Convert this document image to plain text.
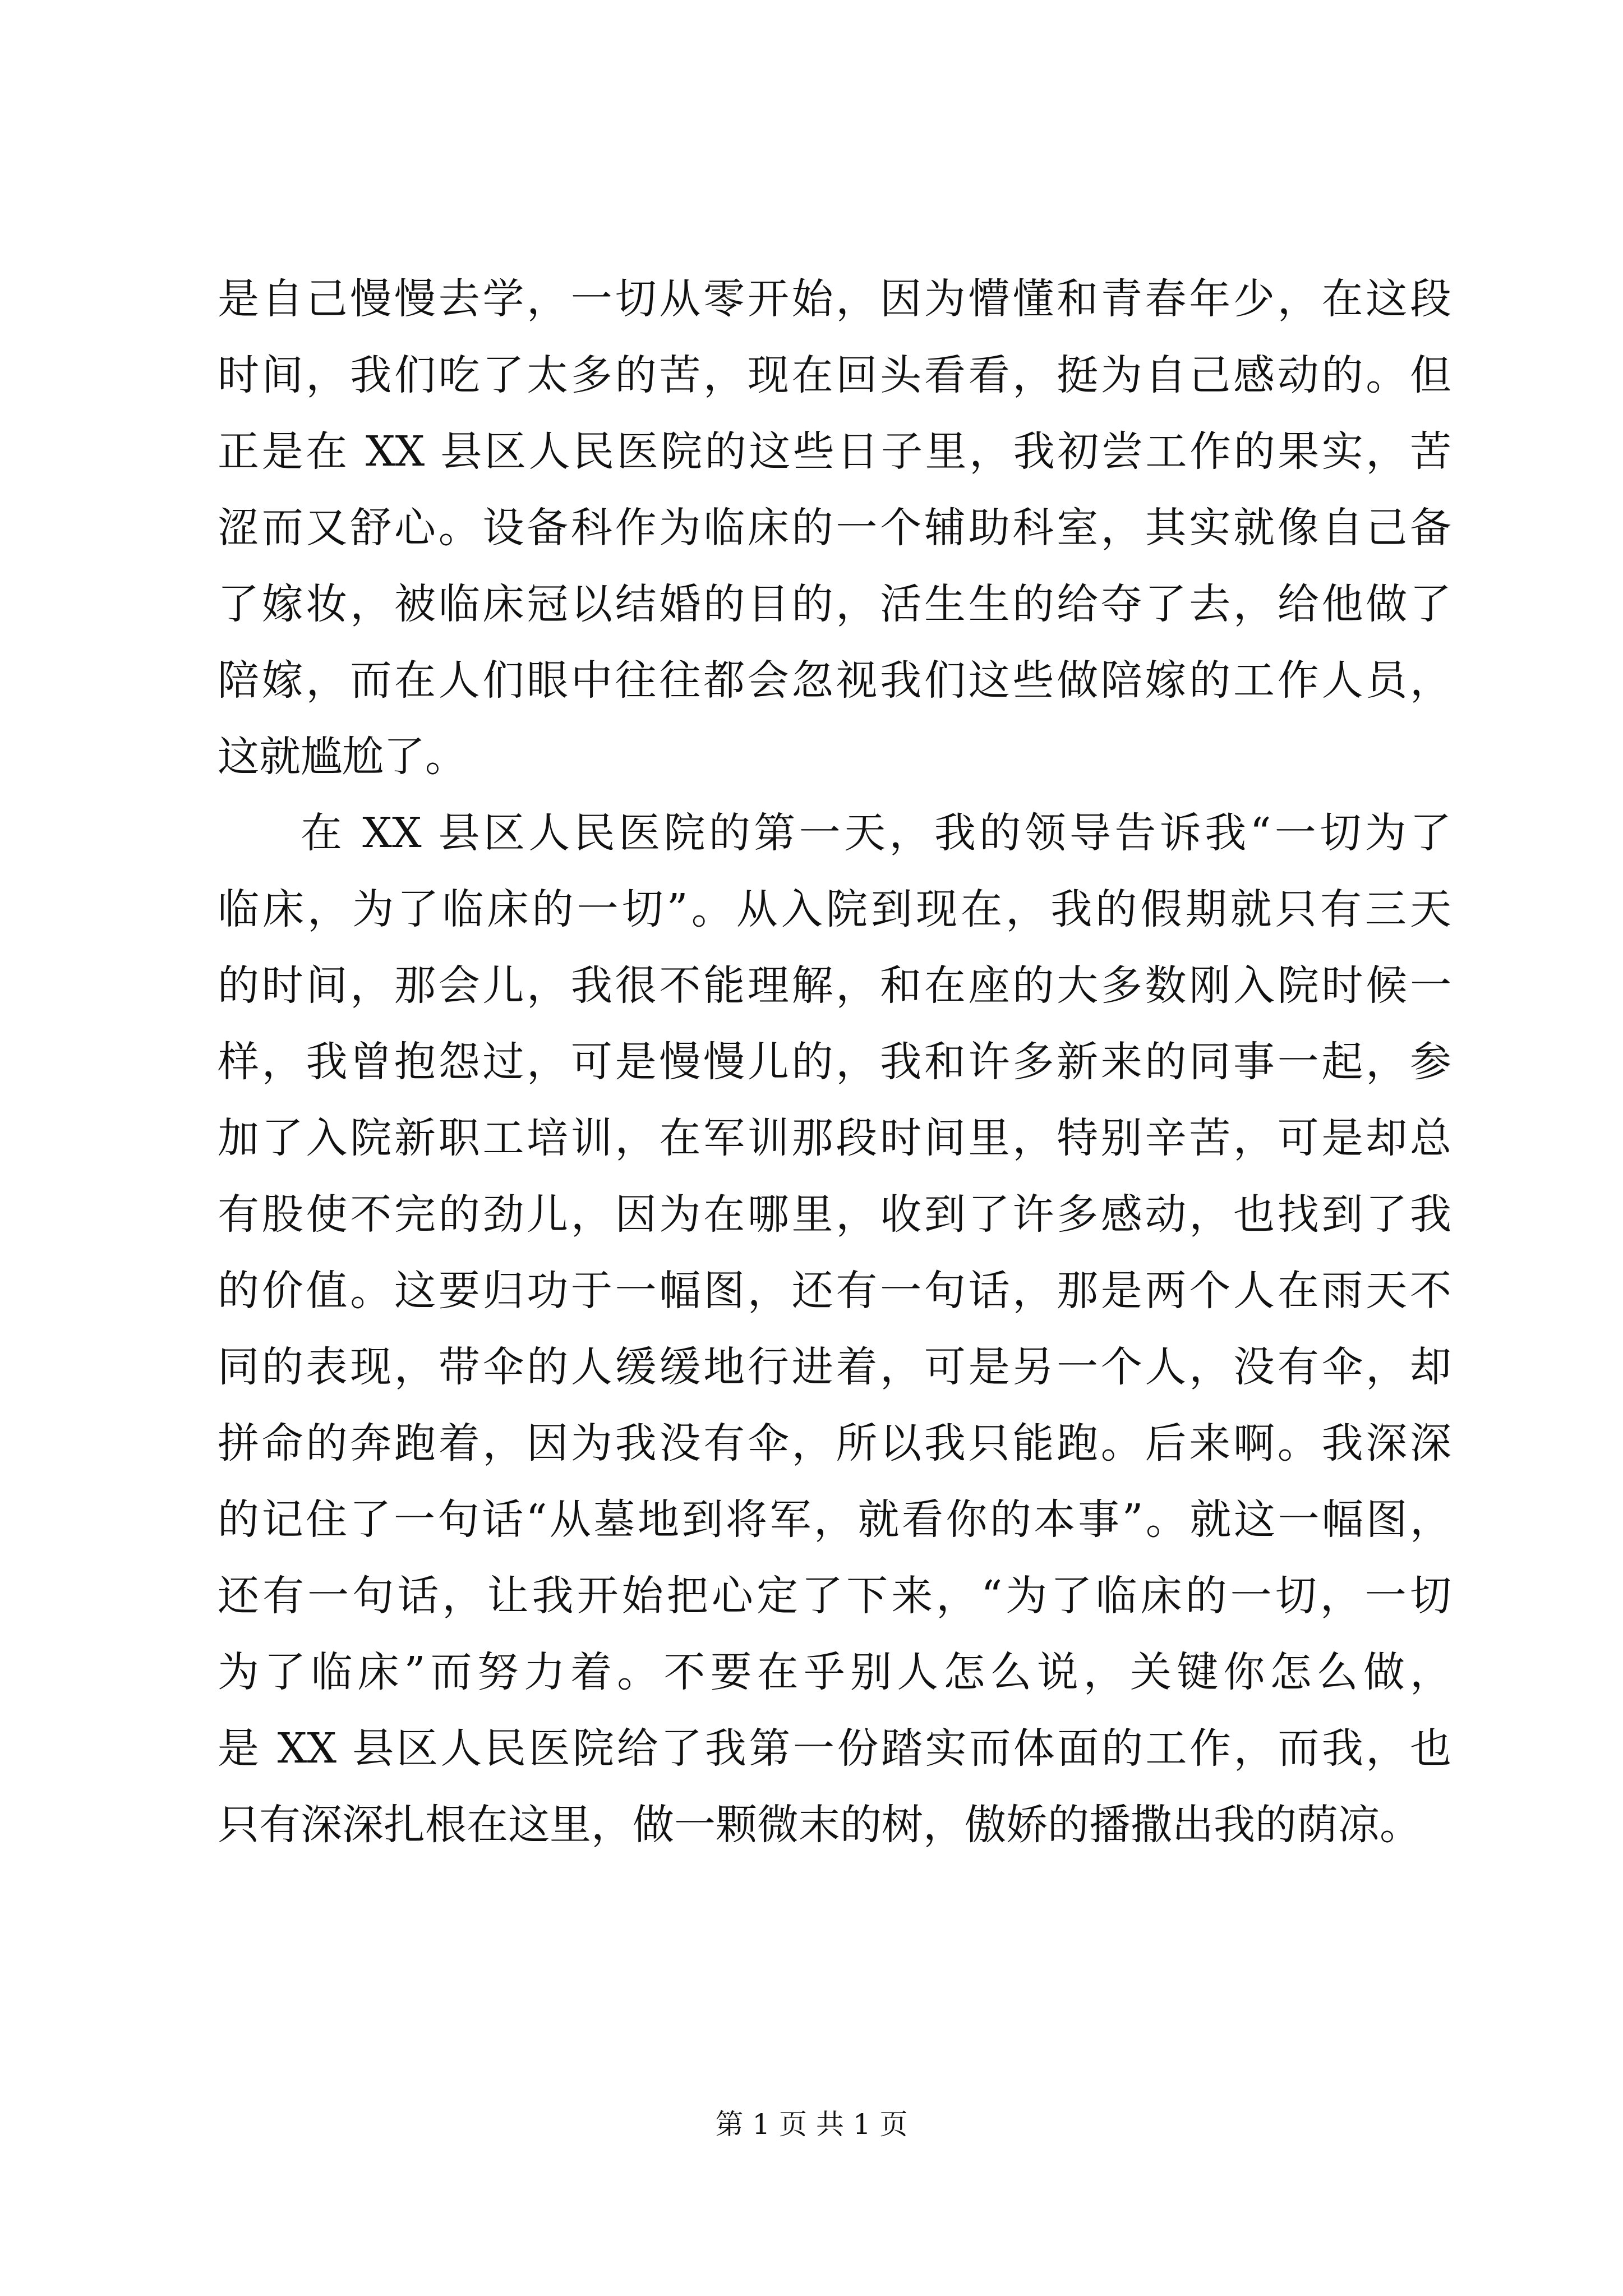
是自己慢慢去学，一切从零开始，因为懵懂和青春年少，在这段
时间，我们吃了太多的苦，现在回头看看，挺为自己感动的。但
正是在 XX 县区人民医院的这些日子里，我初尝工作的果实，苦
涩而又舒心。设备科作为临床的一个辅助科室，其实就像自己备
了嫁妆，被临床冠以结婚的目的，活生生的给夺了去，给他做了
陪嫁，而在人们眼中往往都会忽视我们这些做陪嫁的工作人员，
这就尴尬了。
在 XX 县区人民医院的第一天，我的领导告诉我“一切为了
临床，为了临床的一切”。从入院到现在，我的假期就只有三天
的时间，那会儿，我很不能理解，和在座的大多数刚入院时候一
样，我曾抱怨过，可是慢慢儿的，我和许多新来的同事一起，参
加了入院新职工培训，在军训那段时间里，特别辛苦，可是却总
有股使不完的劲儿，因为在哪里，收到了许多感动，也找到了我
的价值。这要归功于一幅图，还有一句话，那是两个人在雨天不
同的表现，带伞的人缓缓地行进着，可是另一个人，没有伞，却
拼命的奔跑着，因为我没有伞，所以我只能跑。后来啊。我深深
的记住了一句话“从墓地到将军，就看你的本事”。就这一幅图，
还有一句话，让我开始把心定了下来，“为了临床的一切，一切
为了临床”而努力着。不要在乎别人怎么说，关键你怎么做，
是 XX 县区人民医院给了我第一份踏实而体面的工作，而我，也
只有深深扎根在这里，做一颗微末的树，傲娇的播撒出我的荫凉。
第 1 页 共 1 页
